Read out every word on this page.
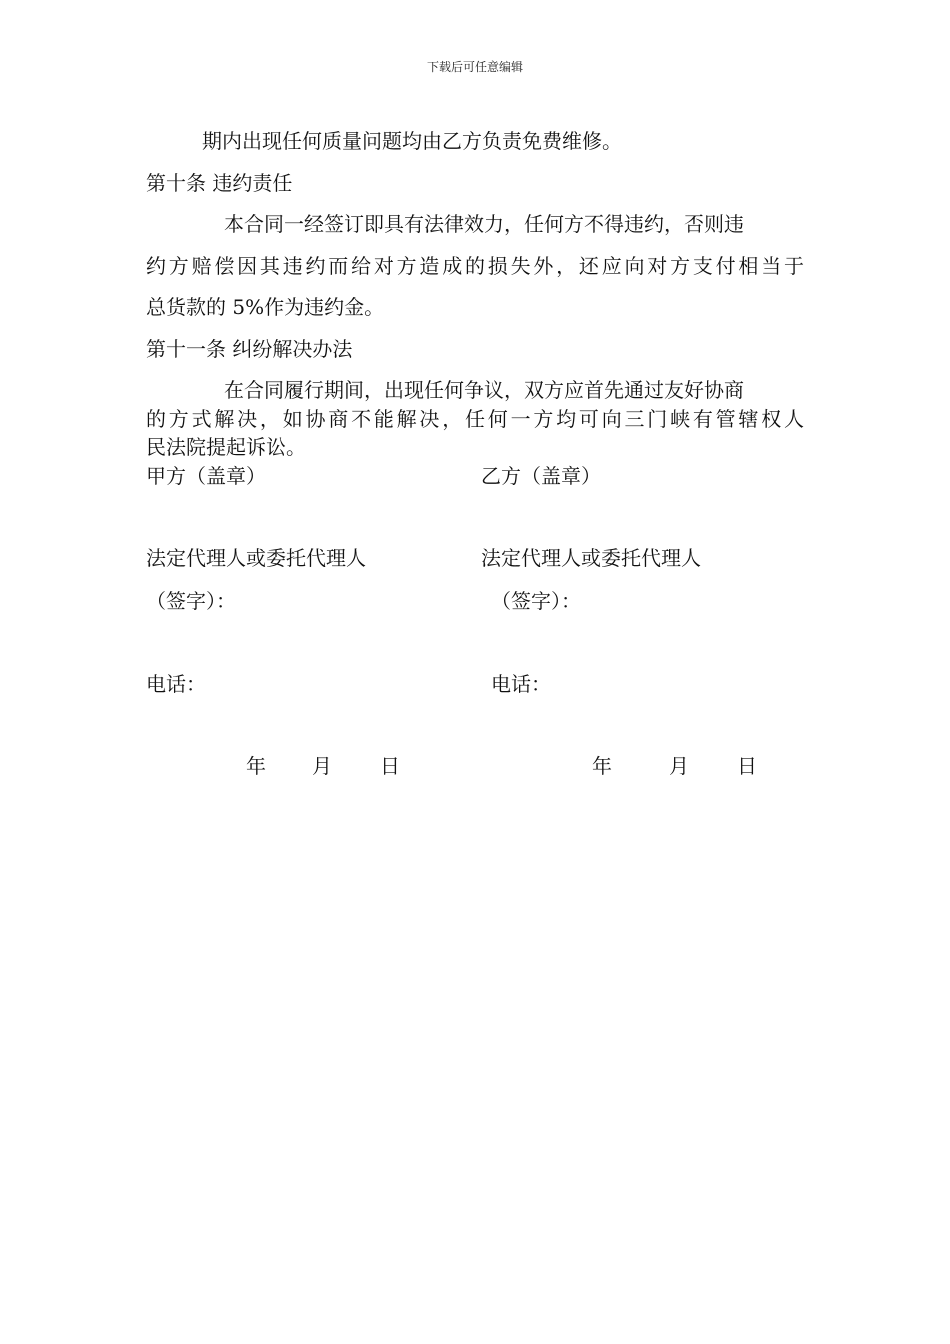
下载后可任意编辑
期内出现任何质量问题均由乙方负责免费维修。
第十条 违约责任
本合同一经签订即具有法律效力，任何方不得违约，否则违
约方赔偿因其违约而给对方造成的损失外，还应向对方支付相当于
总货款的 5%作为违约金。
第十一条 纠纷解决办法
在合同履行期间，出现任何争议，双方应首先通过友好协商
的方式解决，如协商不能解决，任何一方均可向三门峡有管辖权人
民法院提起诉讼。
甲方（盖章）
法定代理人或委托代理人
（签字）：
电话：
年 月 日
乙方（盖章）
法定代理人或委托代理人
（签字）：
电话：
年	月 日
